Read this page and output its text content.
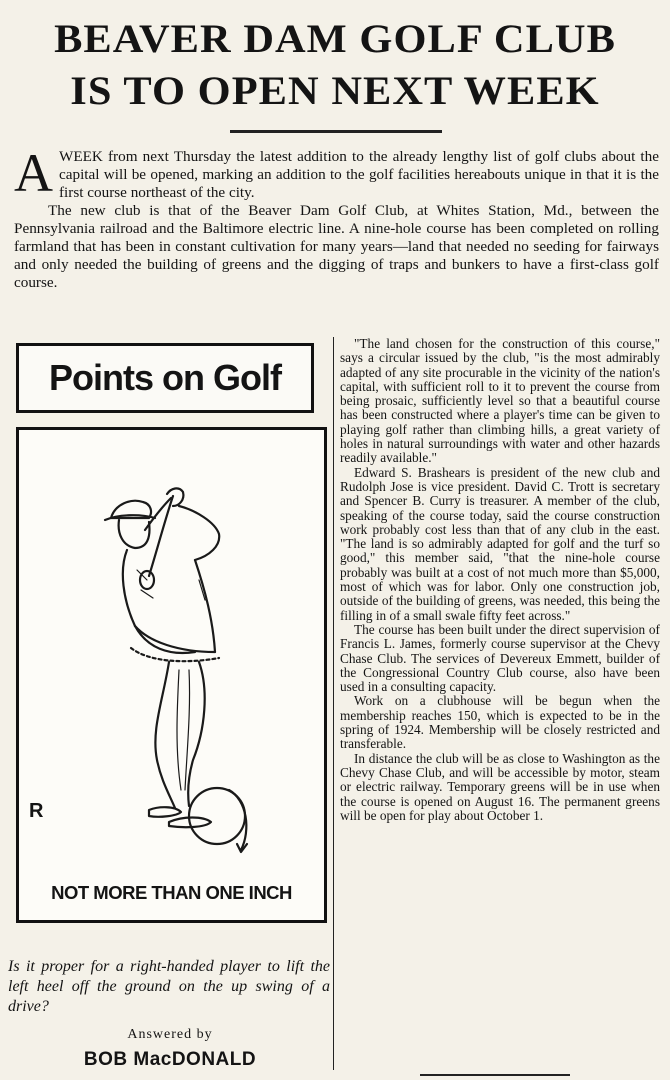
BEAVER DAM GOLF CLUB
IS TO OPEN NEXT WEEK

AWEEK from next Thursday the latest addition to the already lengthy list of golf clubs about the capital will be opened, marking an addition to the golf facilities hereabouts unique in that it is the first course northeast of the city.

The new club is that of the Beaver Dam Golf Club, at Whites Station, Md., between the Pennsylvania railroad and the Baltimore electric line. A nine-hole course has been completed on rolling farmland that has been in constant cultivation for many years—land that needed no seeding for fairways and only needed the building of greens and the digging of traps and bunkers to have a first-class golf course.

"The land chosen for the construction of this course," says a circular issued by the club, "is the most admirably adapted of any site procurable in the vicinity of the nation's capital, with sufficient roll to it to prevent the course from being prosaic, sufficiently level so that a beautiful course has been constructed where a player's time can be given to playing golf rather than climbing hills, a great variety of holes in natural surroundings with water and other hazards readily available."

Edward S. Brashears is president of the new club and Rudolph Jose is vice president. David C. Trott is secretary and Spencer B. Curry is treasurer. A member of the club, speaking of the course today, said the course construction work probably cost less than that of any club in the east. "The land is so admirably adapted for golf and the turf so good," this member said, "that the nine-hole course probably was built at a cost of not much more than $5,000, most of which was for labor. Only one construction job, outside of the building of greens, was needed, this being the filling in of a small swale fifty feet across."

The course has been built under the direct supervision of Francis L. James, formerly course supervisor at the Chevy Chase Club. The services of Devereux Emmett, builder of the Congressional Country Club course, also have been used in a consulting capacity.

Work on a clubhouse will be begun when the membership reaches 150, which is expected to be in the spring of 1924. Membership will be closely restricted and transferable.

In distance the club will be as close to Washington as the Chevy Chase Club, and will be accessible by motor, steam or electric railway. Temporary greens will be in use when the course is opened on August 16. The permanent greens will be open for play about October 1.

Points on Golf
R
NOT MORE THAN ONE INCH
Is it proper for a right-handed player to lift the left heel off the ground on the up swing of a drive?
Answered by
BOB MacDONALD
